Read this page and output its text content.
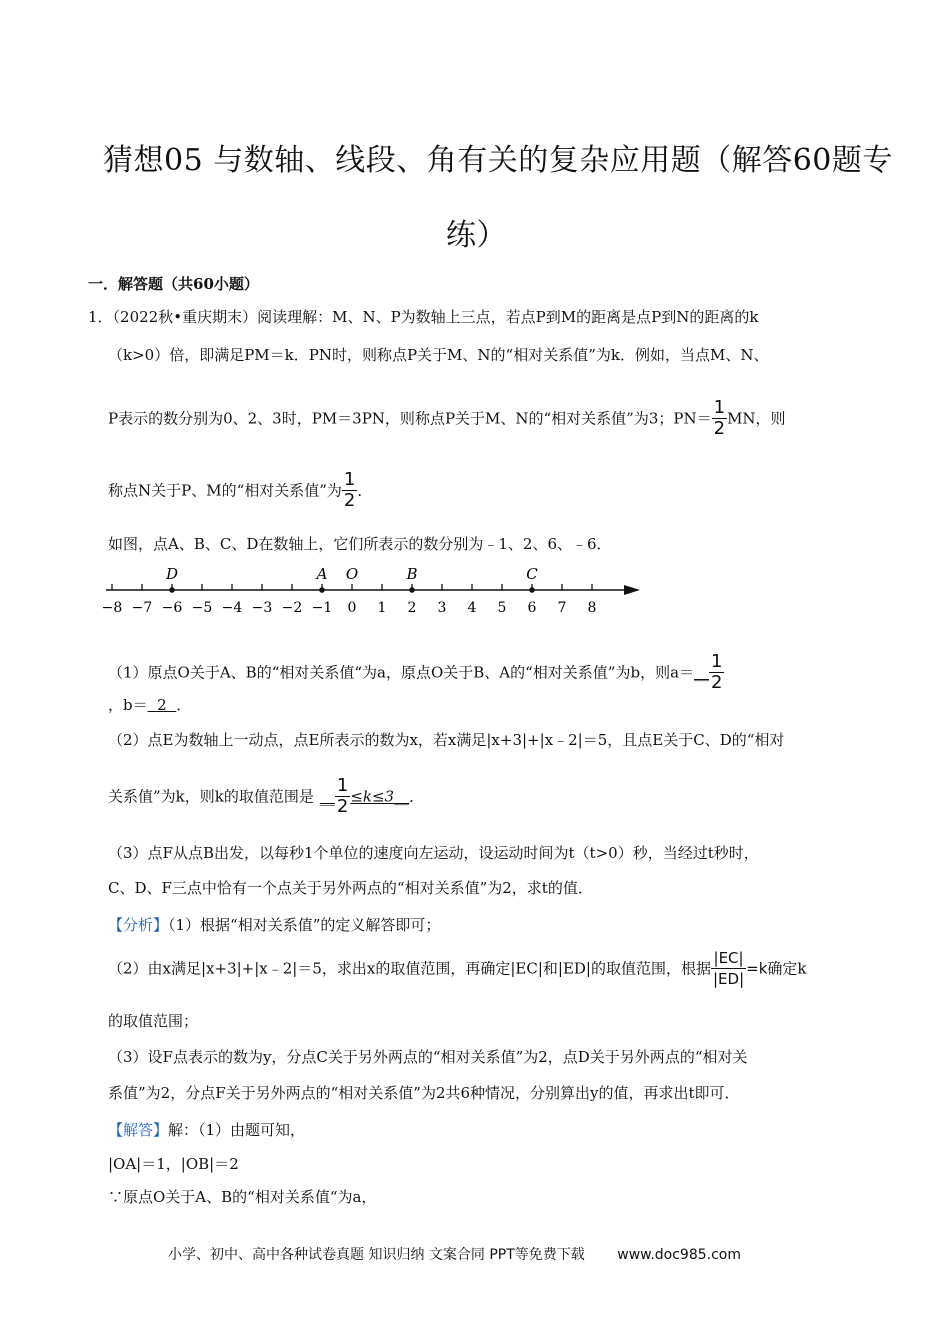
猜想05 与数轴、线段、角有关的复杂应用题（解答60题专
练）
一．解答题（共60小题）
1．（2022秋•重庆期末）阅读理解：M、N、P为数轴上三点，若点P到M的距离是点P到N的距离的k
（k>0）倍，即满足PM＝k．PN时，则称点P关于M、N的“相对关系值”为k．例如，当点M、N、
P表示的数分别为0、2、3时，PM＝3PN，则称点P关于M、N的“相对关系值”为3；$PN= \frac{1}{2}$ MN，则
称点N关于P、M的“相对关系值”为 $\frac{1}{2}$ ．
如图，点A、B、C、D在数轴上，它们所表示的数分别为﹣1、2、6、﹣6．
−8 −7 −6 −5 −4 −3 −2 −1 0 1 2 3 4 5 6 7 8
D	A O	B	C
（1）原点O关于A、B的“相对关系值“为a，原点O关于B、A的“相对关系值”为b，则a＝__ $\frac{1}{2}$
，b＝  2  ．
（2）点E为数轴上一动点，点E所表示的数为x，若x满足|x+3|+|x﹣2|＝5，且点E关于C、D的“相对
关系值”为k，则k的取值范围是 __ $\frac{1}{2}$ ≤k≤3__．
（3）点F从点B出发，以每秒1个单位的速度向左运动，设运动时间为t（t>0）秒，当经过t秒时，
C、D、F三点中恰有一个点关于另外两点的“相对关系值”为2，求t的值．
【分析】（1）根据“相对关系值”的定义解答即可；
（2）由x满足|x+3|+|x﹣2|＝5，求出x的取值范围，再确定|EC|和|ED|的取值范围，根据 $\frac{|EC|}{|ED|} =k$确定k
的取值范围；
（3）设F点表示的数为y，分点C关于另外两点的“相对关系值”为2，点D关于另外两点的“相对关
系值”为2，分点F关于另外两点的“相对关系值”为2共6种情况，分别算出y的值，再求出t即可．
【解答】解：（1）由题可知，
|OA|＝1，|OB|＝2
∵原点O关于A、B的“相对关系值“为a，
小学、初中、高中各种试卷真题 知识归纳 文案合同 PPT等免费下载 www.doc985.com
